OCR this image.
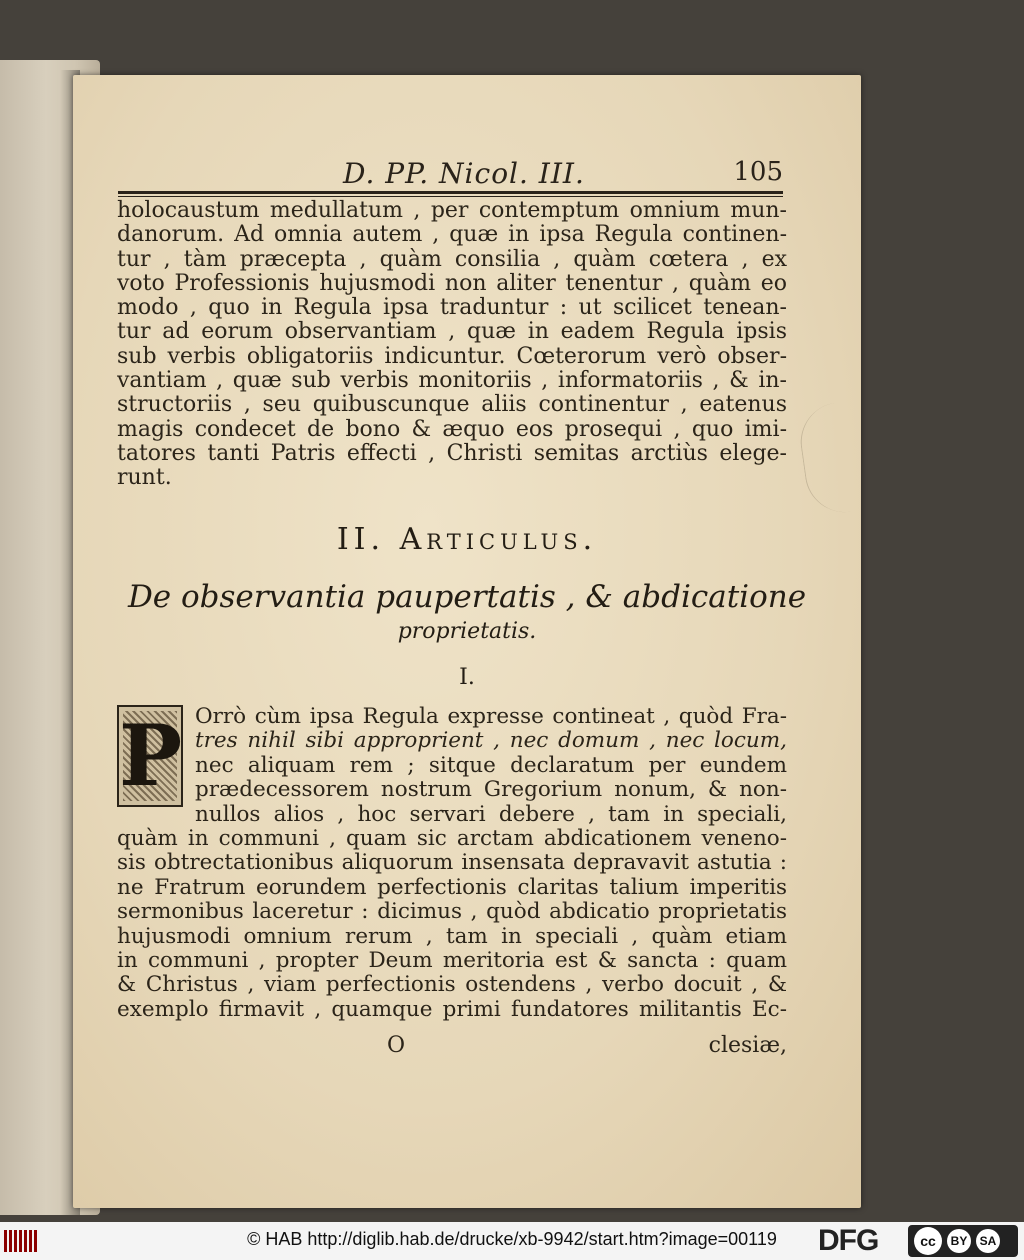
D. PP. Nicol. III.	105
holocaustum medullatum , per contemptum omnium mun-
danorum. Ad omnia autem , quæ in ipsa Regula continen-
tur , tàm præcepta , quàm consilia , quàm cœtera , ex
voto Professionis hujusmodi non aliter tenentur , quàm eo
modo , quo in Regula ipsa traduntur : ut scilicet tenean-
tur ad eorum observantiam , quæ in eadem Regula ipsis
sub verbis obligatoriis indicuntur. Cœterorum verò obser-
vantiam , quæ sub verbis monitoriis , informatoriis , & in-
structoriis , seu quibuscunque aliis continentur , eatenus
magis condecet de bono & æquo eos prosequi , quo imi-
tatores tanti Patris effecti , Christi semitas arctiùs elege-
runt.
II. Articulus.
De observantia paupertatis , & abdicatione
proprietatis.
I.
P Orrò cùm ipsa Regula expresse contineat , quòd Fra-
tres nihil sibi approprient , nec domum , nec locum,
nec aliquam rem ; sitque declaratum per eundem
prædecessorem nostrum Gregorium nonum, & non-
nullos alios , hoc servari debere , tam in speciali,
quàm in communi , quam sic arctam abdicationem veneno-
sis obtrectationibus aliquorum insensata depravavit astutia :
ne Fratrum eorundem perfectionis claritas talium imperitis
sermonibus laceretur : dicimus , quòd abdicatio proprietatis
hujusmodi omnium rerum , tam in speciali , quàm etiam
in communi , propter Deum meritoria est & sancta : quam
& Christus , viam perfectionis ostendens , verbo docuit , &
exemplo firmavit , quamque primi fundatores militantis Ec-
O	clesiæ,
© HAB http://diglib.hab.de/drucke/xb-9942/start.htm?image=00119	DFG	cc	BY	SA
